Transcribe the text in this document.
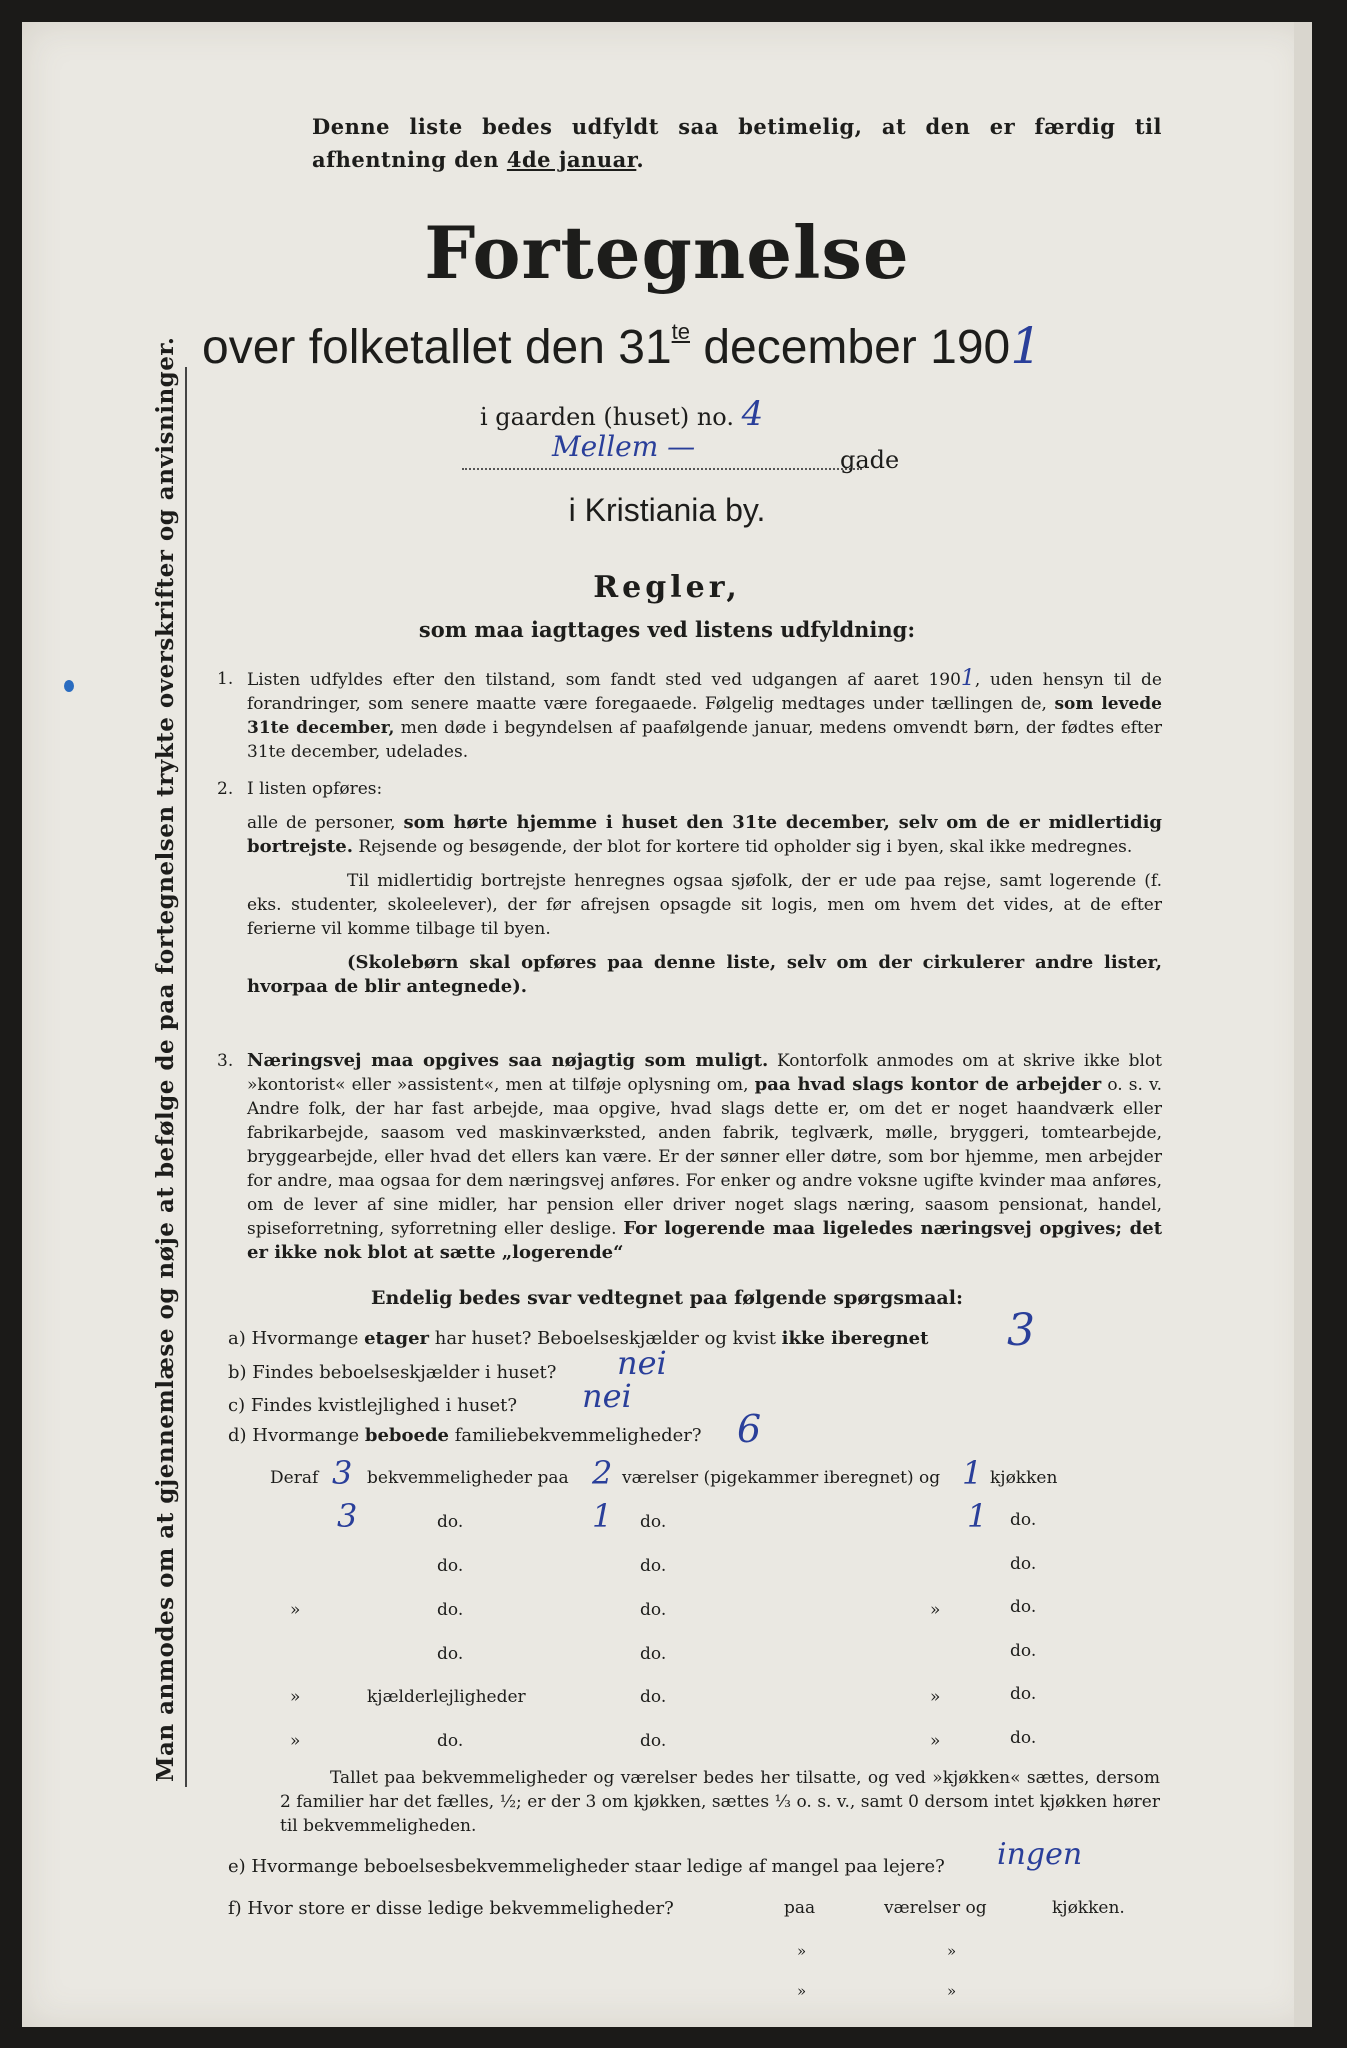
Man anmodes om at gjennemlæse og nøje at befølge de paa fortegnelsen trykte overskrifter og anvisninger.
Denne liste bedes udfyldt saa betimelig, at den er færdig til afhentning den 4de januar.
Fortegnelse
over folketallet den $31^{te}$ december 1901
i gaarden (huset) no. 4
Mellem —	gade
i Kristiania by.
Regler,
som maa iagttages ved listens udfyldning:
1. Listen udfyldes efter den tilstand, som fandt sted ved udgangen af aaret 1901, uden hensyn til de forandringer, som senere maatte være foregaaede. Følgelig medtages under tællingen de, som levede 31te december, men døde i begyndelsen af paafølgende januar, medens omvendt børn, der fødtes efter 31te december, udelades.
2. I listen opføres:
alle de personer, som hørte hjemme i huset den 31te december, selv om de er midlertidig bortrejste. Rejsende og besøgende, der blot for kortere tid opholder sig i byen, skal ikke medregnes.
Til midlertidig bortrejste henregnes ogsaa sjøfolk, der er ude paa rejse, samt logerende (f. eks. studenter, skoleelever), der før afrejsen opsagde sit logis, men om hvem det vides, at de efter ferierne vil komme tilbage til byen.
(Skolebørn skal opføres paa denne liste, selv om der cirkulerer andre lister, hvorpaa de blir antegnede).
3. Næringsvej maa opgives saa nøjagtig som muligt. Kontorfolk anmodes om at skrive ikke blot »kontorist« eller »assistent«, men at tilføje oplysning om, paa hvad slags kontor de arbejder o. s. v. Andre folk, der har fast arbejde, maa opgive, hvad slags dette er, om det er noget haandværk eller fabrikarbejde, saasom ved maskinværksted, anden fabrik, teglværk, mølle, bryggeri, tomtearbejde, bryggearbejde, eller hvad det ellers kan være. Er der sønner eller døtre, som bor hjemme, men arbejder for andre, maa ogsaa for dem næringsvej anføres. For enker og andre voksne ugifte kvinder maa anføres, om de lever af sine midler, har pension eller driver noget slags næring, saasom pensionat, handel, spiseforretning, syforretning eller deslige. For logerende maa ligeledes næringsvej opgives; det er ikke nok blot at sætte „logerende“
Endelig bedes svar vedtegnet paa følgende spørgsmaal:
a) Hvormange etager har huset? Beboelseskjælder og kvist ikke iberegnet 3
b) Findes beboelseskjælder i huset? nei
c) Findes kvistlejlighed i huset? nei
d) Hvormange beboede familiebekvemmeligheder? 6
Deraf 3 bekvemmeligheder paa 2 værelser (pigekammer iberegnet) og 1 kjøkken
3	do.	1 do.	1 do.
do.	do.	do.
»	do.	do.	»	do.
do.	do.	do.
»	kjælderlejligheder	do.	»	do.
»	do.	do.	»	do.
Tallet paa bekvemmeligheder og værelser bedes her tilsatte, og ved »kjøkken« sættes, dersom 2 familier har det fælles, ½; er der 3 om kjøkken, sættes ⅓ o. s. v., samt 0 dersom intet kjøkken hører til bekvemmeligheden.
e) Hvormange beboelsesbekvemmeligheder staar ledige af mangel paa lejere? ingen
f) Hvor store er disse ledige bekvemmeligheder?	paa	værelser og	kjøkken.
»	»
»	»
